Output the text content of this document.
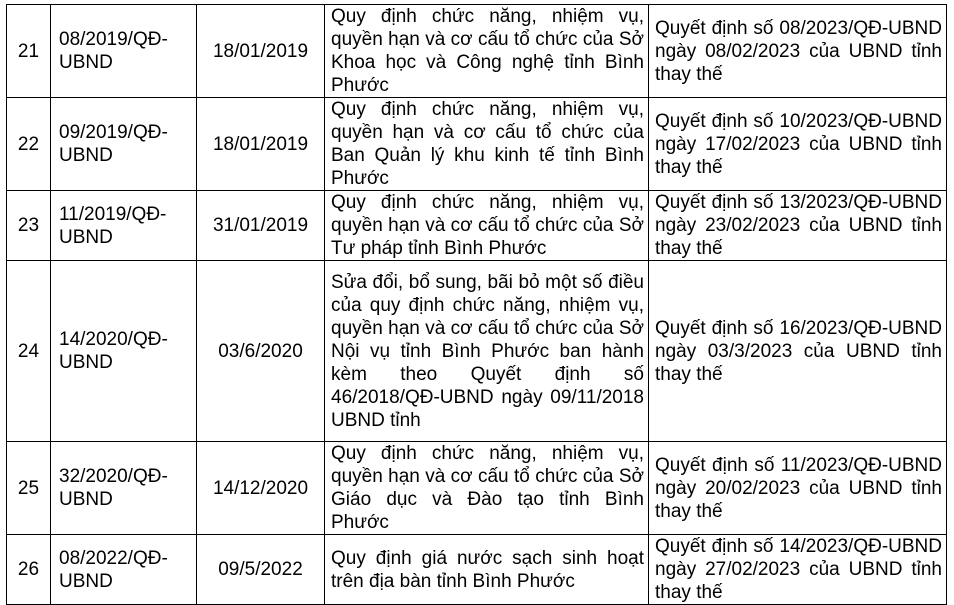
21	08/2019/QĐ-UBND	18/01/2019	Quy định chức năng, nhiệm vụ, quyền hạn và cơ cấu tổ chức của Sở Khoa học và Công nghệ tỉnh Bình Phước	Quyết định số 08/2023/QĐ-UBND ngày 08/02/2023 của UBND tỉnh thay thế
22	09/2019/QĐ-UBND	18/01/2019	Quy định chức năng, nhiệm vụ, quyền hạn và cơ cấu tổ chức của Ban Quản lý khu kinh tế tỉnh Bình Phước	Quyết định số 10/2023/QĐ-UBND ngày 17/02/2023 của UBND tỉnh thay thế
23	11/2019/QĐ-UBND	31/01/2019	Quy định chức năng, nhiệm vụ, quyền hạn và cơ cấu tổ chức của Sở Tư pháp tỉnh Bình Phước	Quyết định số 13/2023/QĐ-UBND ngày 23/02/2023 của UBND tỉnh thay thế
24	14/2020/QĐ-UBND	03/6/2020	Sửa đổi, bổ sung, bãi bỏ một số điều của quy định chức năng, nhiệm vụ, quyền hạn và cơ cấu tổ chức của Sở Nội vụ tỉnh Bình Phước ban hành kèm theo Quyết định số 46/2018/QĐ-UBND ngày 09/11/2018 UBND tỉnh	Quyết định số 16/2023/QĐ-UBND ngày 03/3/2023 của UBND tỉnh thay thế
25	32/2020/QĐ-UBND	14/12/2020	Quy định chức năng, nhiệm vụ, quyền hạn và cơ cấu tổ chức của Sở Giáo dục và Đào tạo tỉnh Bình Phước	Quyết định số 11/2023/QĐ-UBND ngày 20/02/2023 của UBND tỉnh thay thế
26	08/2022/QĐ-UBND	09/5/2022	Quy định giá nước sạch sinh hoạt trên địa bàn tỉnh Bình Phước	Quyết định số 14/2023/QĐ-UBND ngày 27/02/2023 của UBND tỉnh thay thế
